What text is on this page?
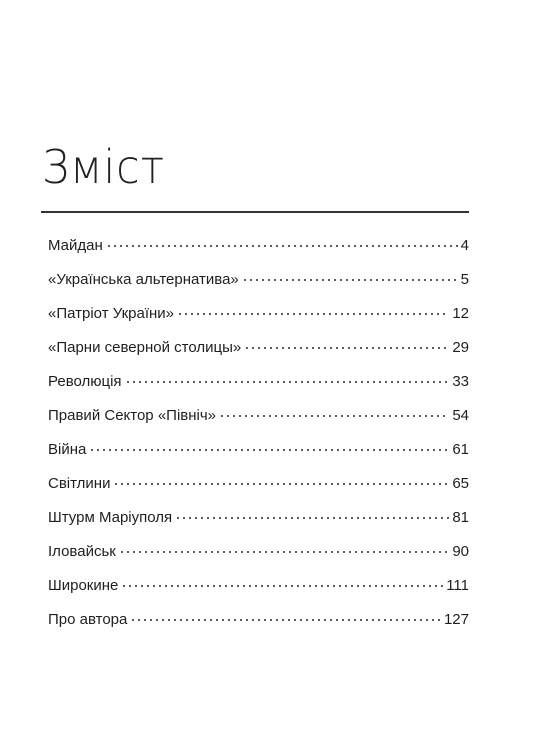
Зміст
Майдан	4
«Українська альтернатива»	5
«Патріот України»	12
«Парни северной столицы»	29
Революція	33
Правий Сектор «Північ»	54
Війна	61
Світлини	65
Штурм Маріуполя	81
Іловайськ	90
Широкине	111
Про автора	127
